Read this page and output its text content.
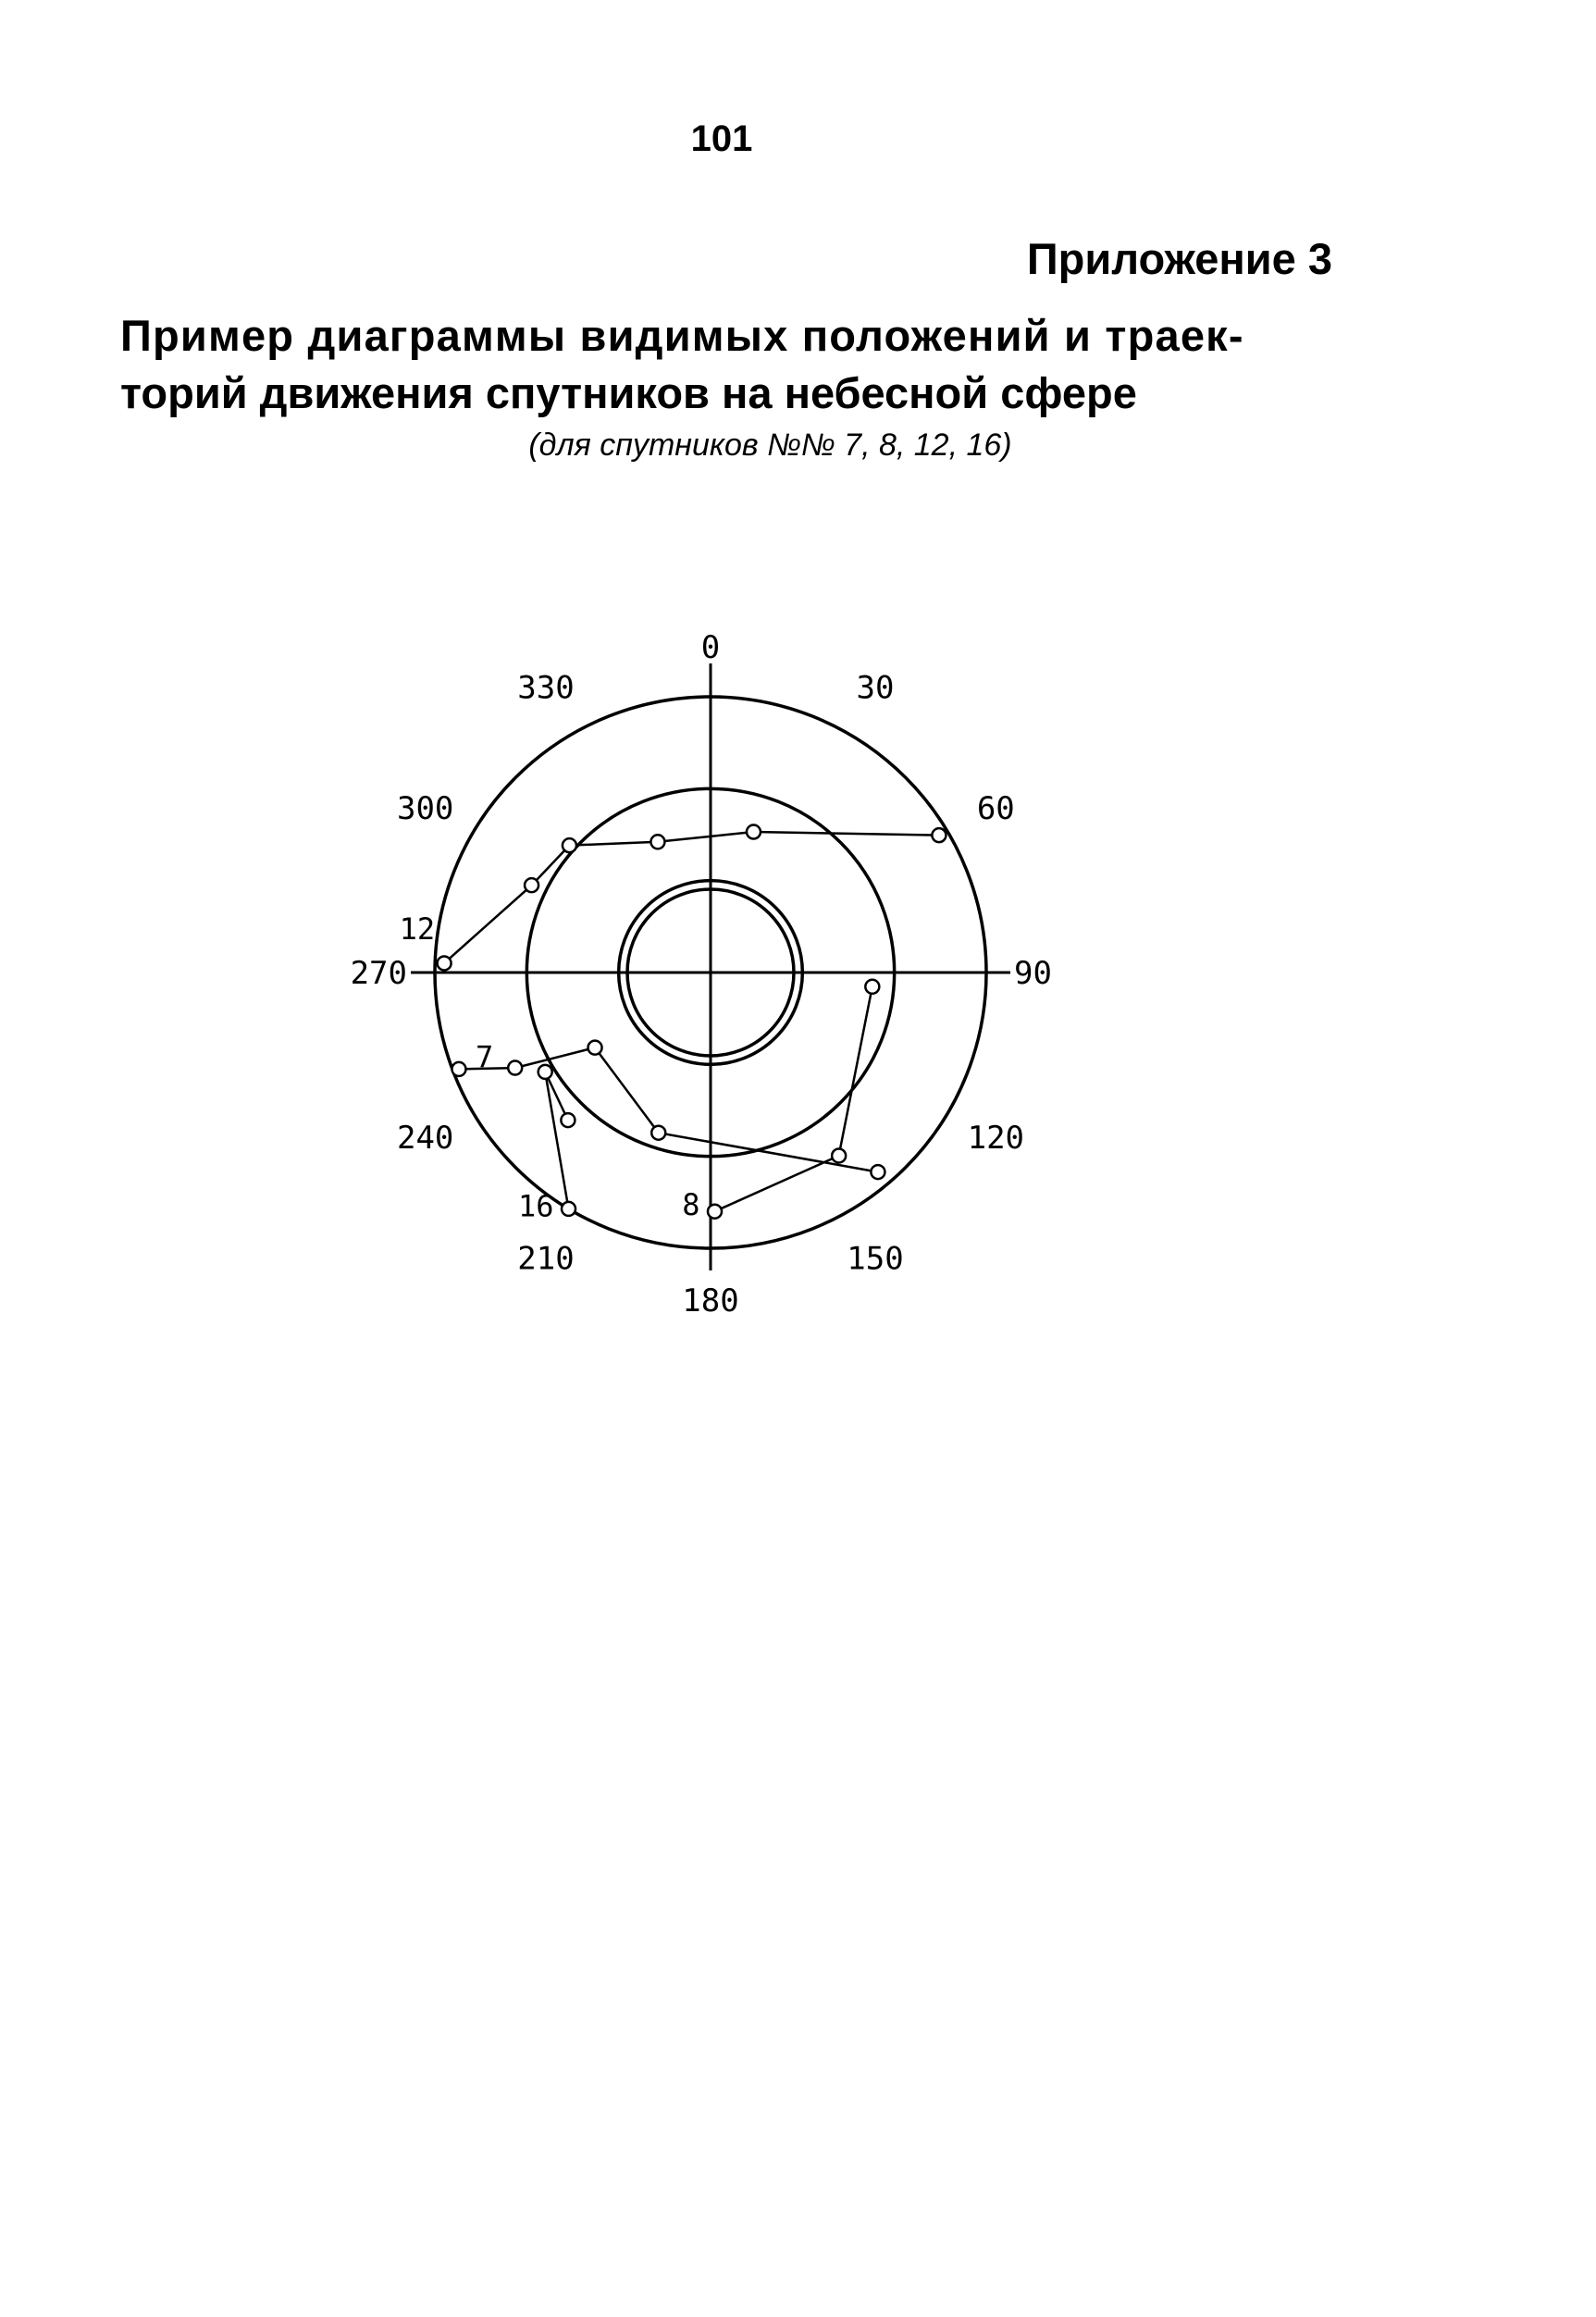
101
Приложение 3
Пример диаграммы видимых положений и траек-
торий движения спутников на небесной сфере
(для спутников №№ 7, 8, 12, 16)
0
30
60
90
120
150
180
210
240
270
300
330
12
7
16	8
